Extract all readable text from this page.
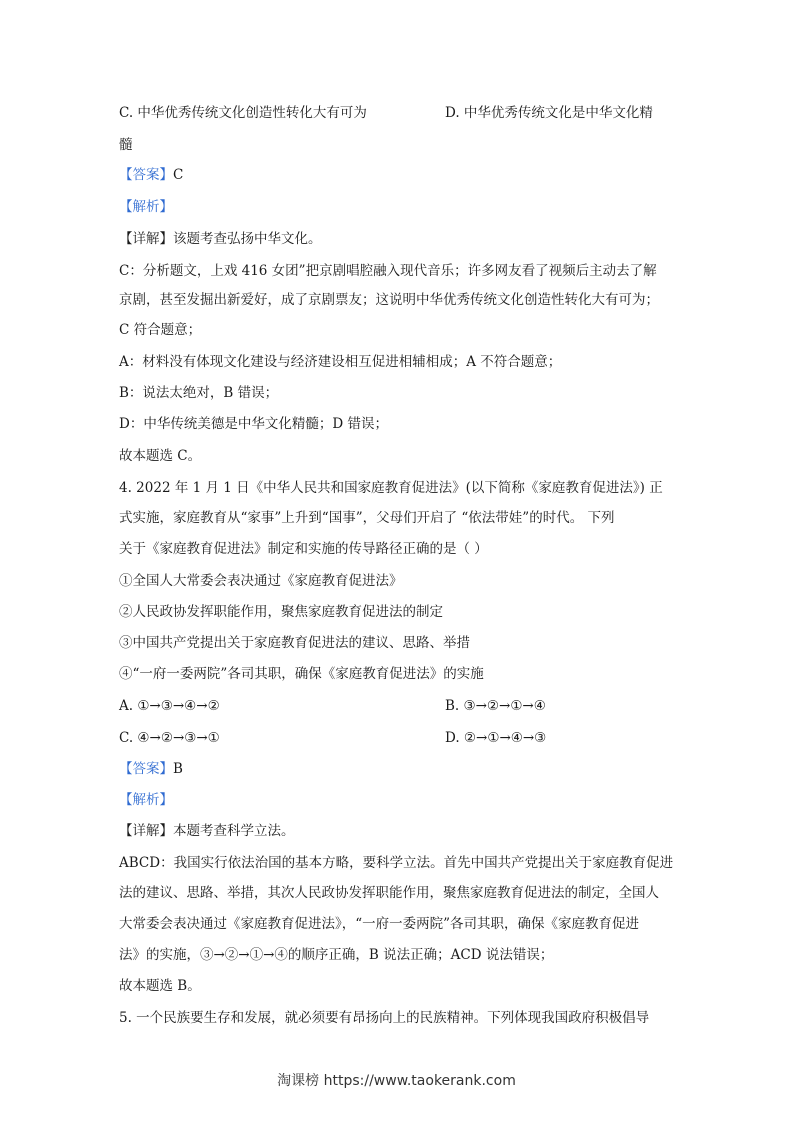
C. 中华优秀传统文化创造性转化大有可为	D. 中华优秀传统文化是中华文化精
髓
【答案】C
【解析】
【详解】该题考查弘扬中华文化。
C：分析题文，上戏 416 女团”把京剧唱腔融入现代音乐；许多网友看了视频后主动去了解
京剧，甚至发掘出新爱好，成了京剧票友；这说明中华优秀传统文化创造性转化大有可为；
C 符合题意；
A：材料没有体现文化建设与经济建设相互促进相辅相成；A 不符合题意；
B：说法太绝对，B 错误；
D：中华传统美德是中华文化精髓；D 错误；
故本题选 C。
4. 2022 年 1 月 1 日《中华人民共和国家庭教育促进法》(以下简称《家庭教育促进法》) 正
式实施，家庭教育从“家事”上升到“国事”，父母们开启了 “依法带娃”的时代。 下列
关于《家庭教育促进法》制定和实施的传导路径正确的是（ ）
①全国人大常委会表决通过《家庭教育促进法》
②人民政协发挥职能作用，聚焦家庭教育促进法的制定
③中国共产党提出关于家庭教育促进法的建议、思路、举措
④“一府一委两院”各司其职，确保《家庭教育促进法》的实施
A. ①→③→④→②	B. ③→②→①→④
C. ④→②→③→①	D. ②→①→④→③
【答案】B
【解析】
【详解】本题考查科学立法。
ABCD：我国实行依法治国的基本方略，要科学立法。首先中国共产党提出关于家庭教育促进
法的建议、思路、举措，其次人民政协发挥职能作用，聚焦家庭教育促进法的制定，全国人
大常委会表决通过《家庭教育促进法》，“一府一委两院”各司其职，确保《家庭教育促进
法》的实施，③→②→①→④的顺序正确，B 说法正确；ACD 说法错误；
故本题选 B。
5. 一个民族要生存和发展，就必须要有昂扬向上的民族精神。下列体现我国政府积极倡导
淘课榜 https://www.taokerank.com
